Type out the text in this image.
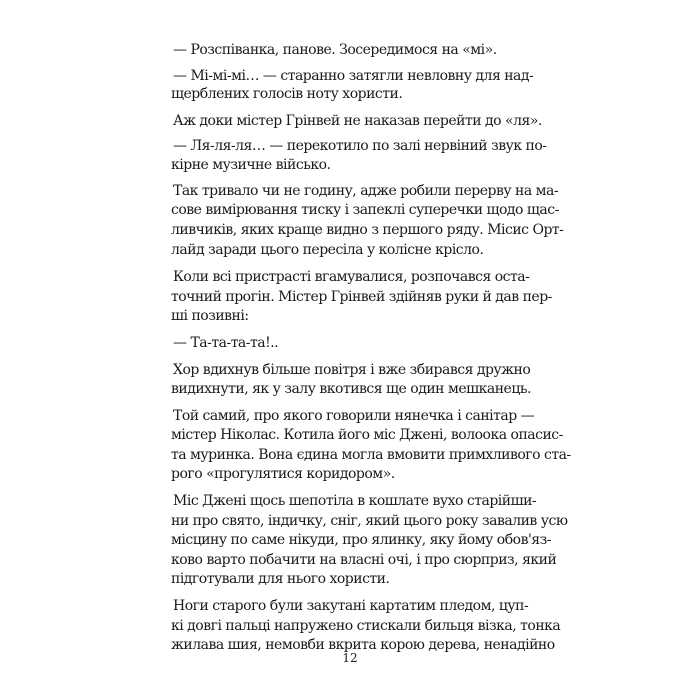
— Розспіванка, панове. Зосередимося на «мі».
— Мі-мі-мі… — старанно затягли невловну для над-
щерблених голосів ноту хористи.
Аж доки містер Грінвей не наказав перейти до «ля».
— Ля-ля-ля… — перекотило по залі нервіний звук по-
кірне музичне військо.
Так тривало чи не годину, адже робили перерву на ма-
сове вимірювання тиску і запеклі суперечки щодо щас-
ливчиків, яких краще видно з першого ряду. Місис Орт-
лайд заради цього пересіла у колісне крісло.
Коли всі пристрасті вгамувалися, розпочався оста-
точний прогін. Містер Грінвей здійняв руки й дав пер-
ші позивні:
— Та-та-та-та!..
Хор вдихнув більше повітря і вже збирався дружно
видихнути, як у залу вкотився ще один мешканець.
Той самий, про якого говорили нянечка і санітар —
містер Ніколас. Котила його міс Джені, волоока опасис-
та муринка. Вона єдина могла вмовити примхливого ста-
рого «прогулятися коридором».
Міс Джені щось шепотіла в кошлате вухо старійши-
ни про свято, індичку, сніг, який цього року завалив усю
місцину по саме нікуди, про ялинку, яку йому обов'яз-
ково варто побачити на власні очі, і про сюрприз, який
підготували для нього хористи.
Ноги старого були закутані картатим пледом, цуп-
кі довгі пальці напружено стискали бильця візка, тонка
жилава шия, немовби вкрита корою дерева, ненадійно
12
